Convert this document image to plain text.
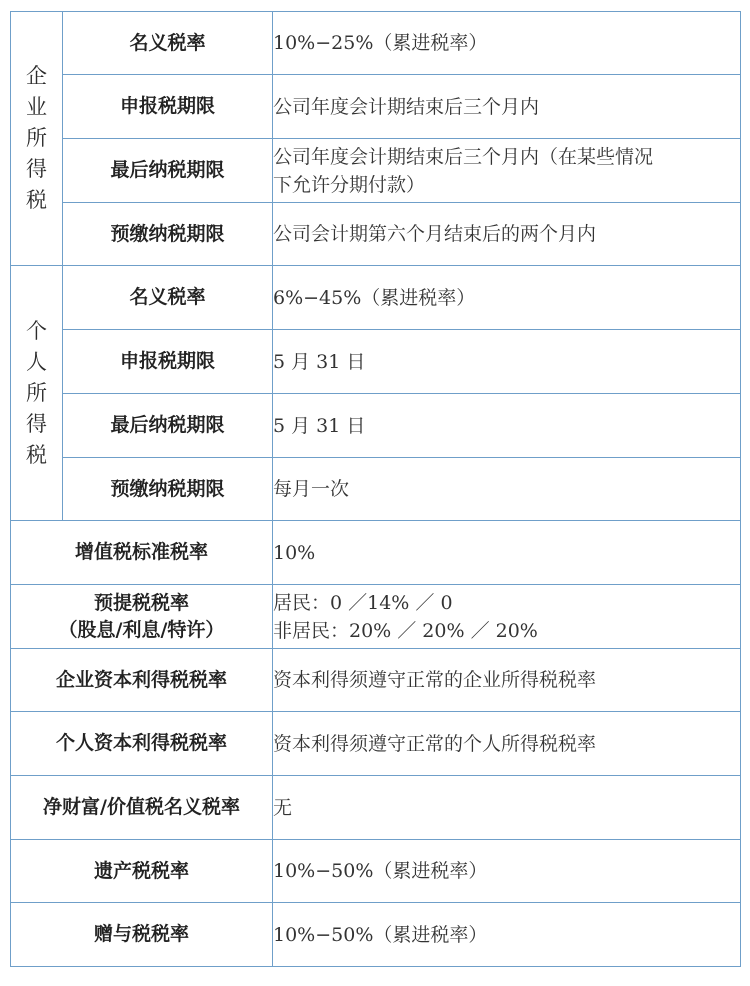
企
业
所
得
税	名义税率	10%−25%（累进税率）
	申报税期限	公司年度会计期结束后三个月内
	最后纳税期限	公司年度会计期结束后三个月内（在某些情况
下允许分期付款）

	预缴纳税期限	公司会计期第六个月结束后的两个月内

个
人
所
得
税	名义税率	6%−45%（累进税率）
	申报税期限	5 月 31 日
	最后纳税期限	5 月 31 日
	预缴纳税期限	每月一次
增值税标准税率		10%

预提税税率
（股息/利息/特许）		居民：0 ／14% ／ 0
非居民：20% ／ 20% ／ 20%

企业资本利得税税率		资本利得须遵守正常的企业所得税税率
个人资本利得税税率		资本利得须遵守正常的个人所得税税率
净财富/价值税名义税率		无
遗产税税率		10%−50%（累进税率）
赠与税税率		10%−50%（累进税率）
